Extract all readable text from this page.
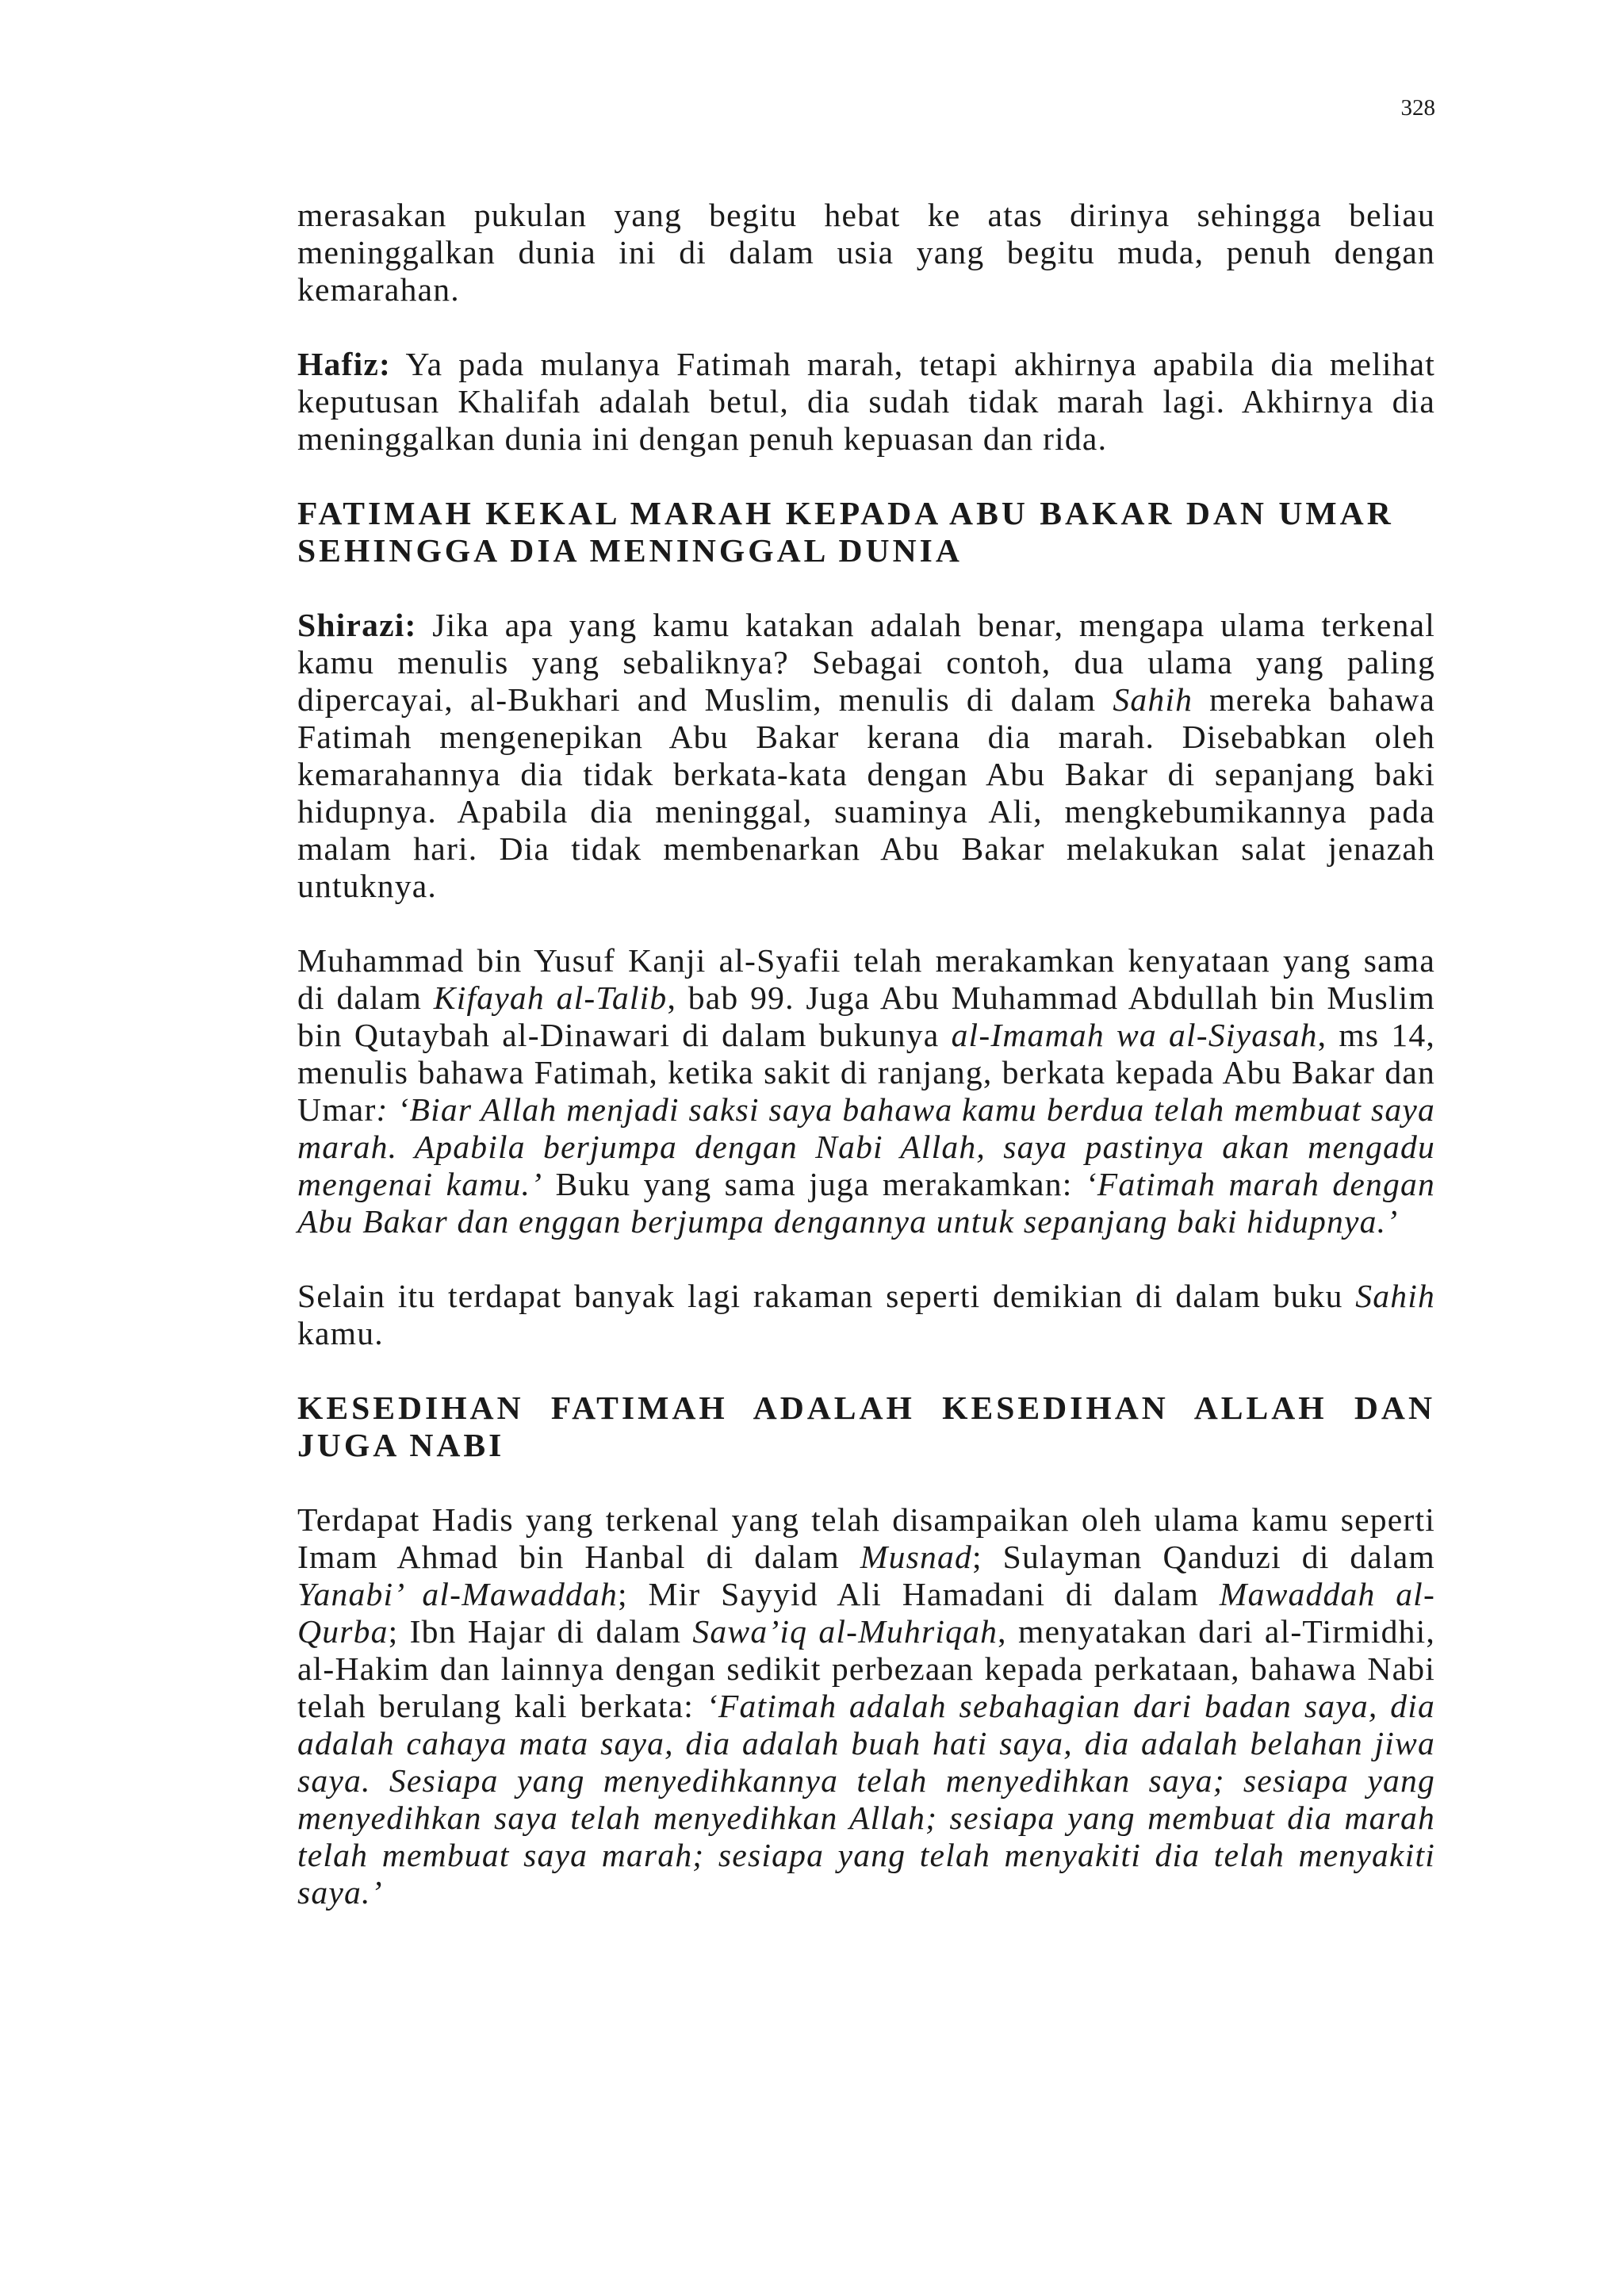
328

merasakan pukulan yang begitu hebat ke atas dirinya sehingga beliau meninggalkan dunia ini di dalam usia yang begitu muda, penuh dengan kemarahan.

Hafiz: Ya pada mulanya Fatimah marah, tetapi akhirnya apabila dia melihat keputusan Khalifah adalah betul, dia sudah tidak marah lagi. Akhirnya dia meninggalkan dunia ini dengan penuh kepuasan dan rida.

FATIMAH KEKAL MARAH KEPADA ABU BAKAR DAN UMAR
SEHINGGA DIA MENINGGAL DUNIA

Shirazi: Jika apa yang kamu katakan adalah benar, mengapa ulama terkenal kamu menulis yang sebaliknya? Sebagai contoh, dua ulama yang paling dipercayai, al-Bukhari and Muslim, menulis di dalam Sahih mereka bahawa Fatimah mengenepikan Abu Bakar kerana dia marah. Disebabkan oleh kemarahannya dia tidak berkata-kata dengan Abu Bakar di sepanjang baki hidupnya. Apabila dia meninggal, suaminya Ali, mengkebumikannya pada malam hari. Dia tidak membenarkan Abu Bakar melakukan salat jenazah untuknya.

Muhammad bin Yusuf Kanji al-Syafii telah merakamkan kenyataan yang sama di dalam Kifayah al-Talib, bab 99. Juga Abu Muhammad Abdullah bin Muslim bin Qutaybah al-Dinawari di dalam bukunya al-Imamah wa al-Siyasah, ms 14, menulis bahawa Fatimah, ketika sakit di ranjang, berkata kepada Abu Bakar dan Umar: ‘Biar Allah menjadi saksi saya bahawa kamu berdua telah membuat saya marah. Apabila berjumpa dengan Nabi Allah, saya pastinya akan mengadu mengenai kamu.’ Buku yang sama juga merakamkan: ‘Fatimah marah dengan Abu Bakar dan enggan berjumpa dengannya untuk sepanjang baki hidupnya.’

Selain itu terdapat banyak lagi rakaman seperti demikian di dalam buku Sahih kamu.

KESEDIHAN FATIMAH ADALAH KESEDIHAN ALLAH DAN
JUGA NABI

Terdapat Hadis yang terkenal yang telah disampaikan oleh ulama kamu seperti Imam Ahmad bin Hanbal di dalam Musnad; Sulayman Qanduzi di dalam Yanabi’ al-Mawaddah; Mir Sayyid Ali Hamadani di dalam Mawaddah al-Qurba; Ibn Hajar di dalam Sawa’iq al-Muhriqah, menyatakan dari al-Tirmidhi, al-Hakim dan lainnya dengan sedikit perbezaan kepada perkataan, bahawa Nabi telah berulang kali berkata: ‘Fatimah adalah sebahagian dari badan saya, dia adalah cahaya mata saya, dia adalah buah hati saya, dia adalah belahan jiwa saya. Sesiapa yang menyedihkannya telah menyedihkan saya; sesiapa yang menyedihkan saya telah menyedihkan Allah; sesiapa yang membuat dia marah telah membuat saya marah; sesiapa yang telah menyakiti dia telah menyakiti saya.’
